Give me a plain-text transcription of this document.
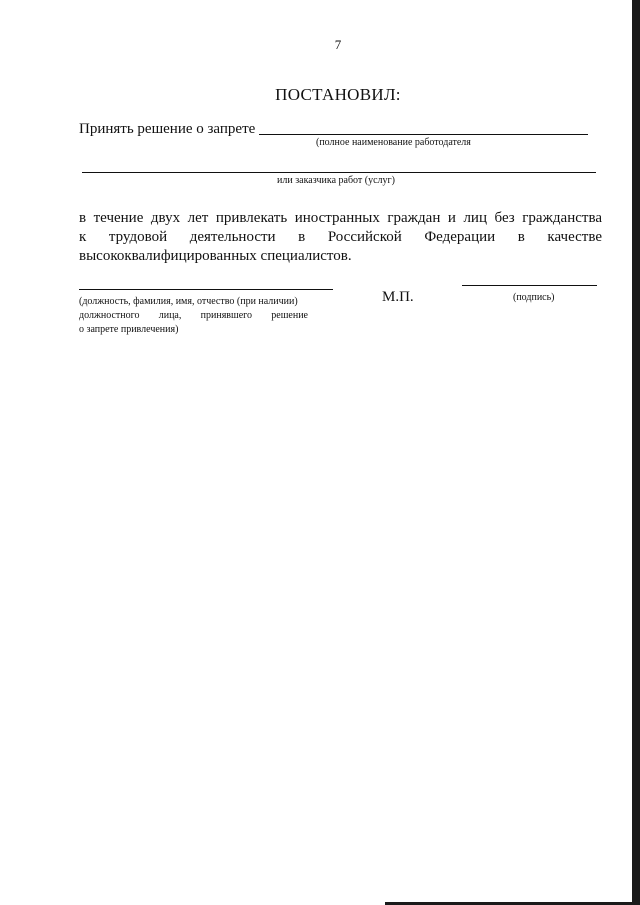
7
ПОСТАНОВИЛ:
Принять решение о запрете
(полное наименование работодателя
или заказчика работ (услуг)
в течение двух лет привлекать иностранных граждан и лиц без гражданства
к трудовой деятельности в Российской Федерации в качестве
высококвалифицированных специалистов.
(должность, фамилия, имя, отчество (при наличии)

должностного лица, принявшего решение
о запрете привлечения)
М.П.	(подпись)
